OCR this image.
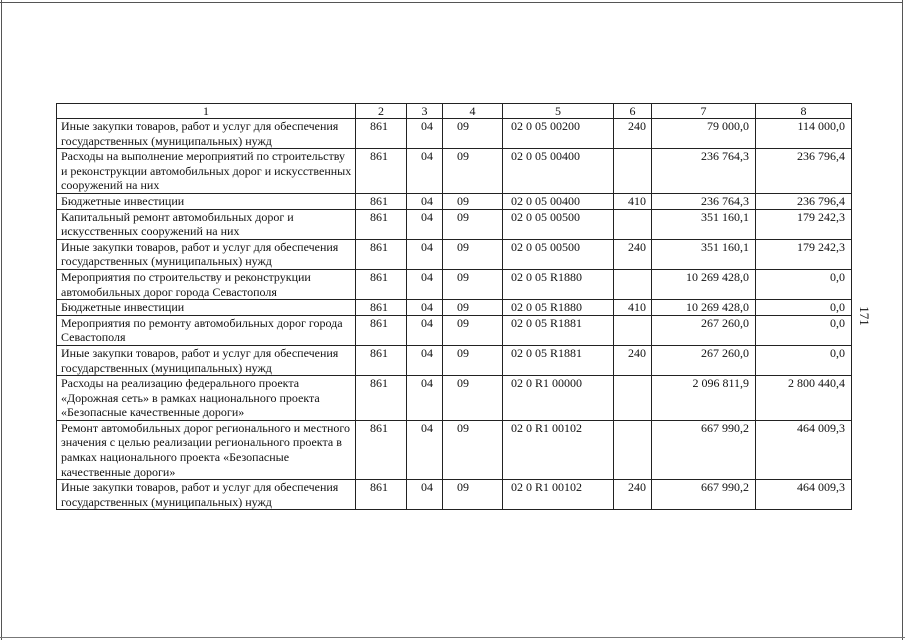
1	2	3	4	5	6	7	8
Иные закупки товаров, работ и услуг для обеспечения государственных (муниципальных) нужд	861	04	09	02 0 05 00200	240	79 000,0	114 000,0
Расходы на выполнение мероприятий по строительству и реконструкции автомобильных дорог и искусственных сооружений на них	861	04	09	02 0 05 00400		236 764,3	236 796,4
Бюджетные инвестиции	861	04	09	02 0 05 00400	410	236 764,3	236 796,4
Капитальный ремонт автомобильных дорог и искусственных сооружений на них	861	04	09	02 0 05 00500		351 160,1	179 242,3
Иные закупки товаров, работ и услуг для обеспечения государственных (муниципальных) нужд	861	04	09	02 0 05 00500	240	351 160,1	179 242,3
Мероприятия по строительству и реконструкции автомобильных дорог города Севастополя	861	04	09	02 0 05 R1880		10 269 428,0	0,0
Бюджетные инвестиции	861	04	09	02 0 05 R1880	410	10 269 428,0	0,0
Мероприятия по ремонту автомобильных дорог города Севастополя	861	04	09	02 0 05 R1881		267 260,0	0,0
Иные закупки товаров, работ и услуг для обеспечения государственных (муниципальных) нужд	861	04	09	02 0 05 R1881	240	267 260,0	0,0
Расходы на реализацию федерального проекта «Дорожная сеть» в рамках национального проекта «Безопасные качественные дороги»	861	04	09	02 0 R1 00000		2 096 811,9	2 800 440,4
Ремонт автомобильных дорог регионального и местного значения с целью реализации регионального проекта в рамках национального проекта «Безопасные качественные дороги»	861	04	09	02 0 R1 00102		667 990,2	464 009,3
Иные закупки товаров, работ и услуг для обеспечения государственных (муниципальных) нужд	861	04	09	02 0 R1 00102	240	667 990,2	464 009,3
171
